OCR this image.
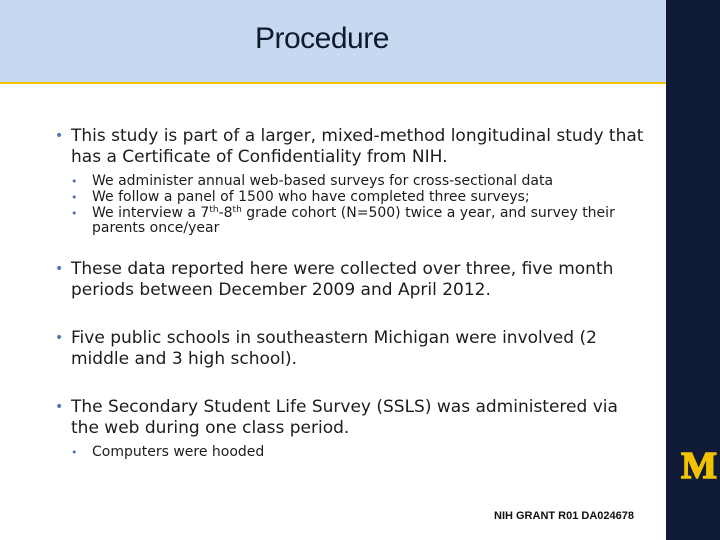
Procedure
M

• This study is part of a larger, mixed-method longitudinal study that has a Certificate of Confidentiality from NIH.

• We administer annual web-based surveys for cross-sectional data

• We follow a panel of 1500 who have completed three surveys;

• We interview a 7th-8th grade cohort (N=500) twice a year, and survey their parents once/year

• These data reported here were collected over three, five month periods between December 2009 and April 2012.

• Five public schools in southeastern Michigan were involved (2 middle and 3 high school).

• The Secondary Student Life Survey (SSLS) was administered via the web during one class period.

• Computers were hooded

NIH GRANT R01 DA024678
